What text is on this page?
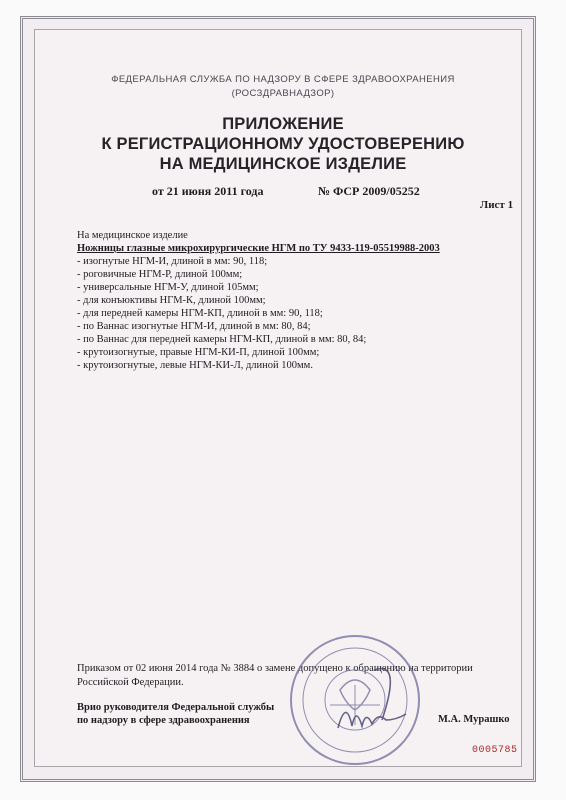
ФЕДЕРАЛЬНАЯ СЛУЖБА ПО НАДЗОРУ В СФЕРЕ ЗДРАВООХРАНЕНИЯ
(РОСЗДРАВНАДЗОР)
ПРИЛОЖЕНИЕ
К РЕГИСТРАЦИОННОМУ УДОСТОВЕРЕНИЮ
НА МЕДИЦИНСКОЕ ИЗДЕЛИЕ
от 21 июня 2011 года	№ ФСР 2009/05252
Лист 1
На медицинское изделие
Ножницы глазные микрохирургические НГМ по ТУ 9433-119-05519988-2003
- изогнутые НГМ-И, длиной в мм: 90, 118;
- роговичные НГМ-Р, длиной 100мм;
- универсальные НГМ-У, длиной 105мм;
- для конъюктивы НГМ-К, длиной 100мм;
- для передней камеры НГМ-КП, длиной в мм: 90, 118;
- по Ваннас изогнутые НГМ-И, длиной в мм: 80, 84;
- по Ваннас для передней камеры НГМ-КП, длиной в мм: 80, 84;
- крутоизогнутые, правые НГМ-КИ-П, длиной 100мм;
- крутоизогнутые, левые НГМ-КИ-Л, длиной 100мм.
Приказом от 02 июня 2014 года № 3884 о замене допущено к обращению на территории Российской Федерации.
Врио руководителя Федеральной службы
по надзору в сфере здравоохранения	М.А. Мурашко
0005785
